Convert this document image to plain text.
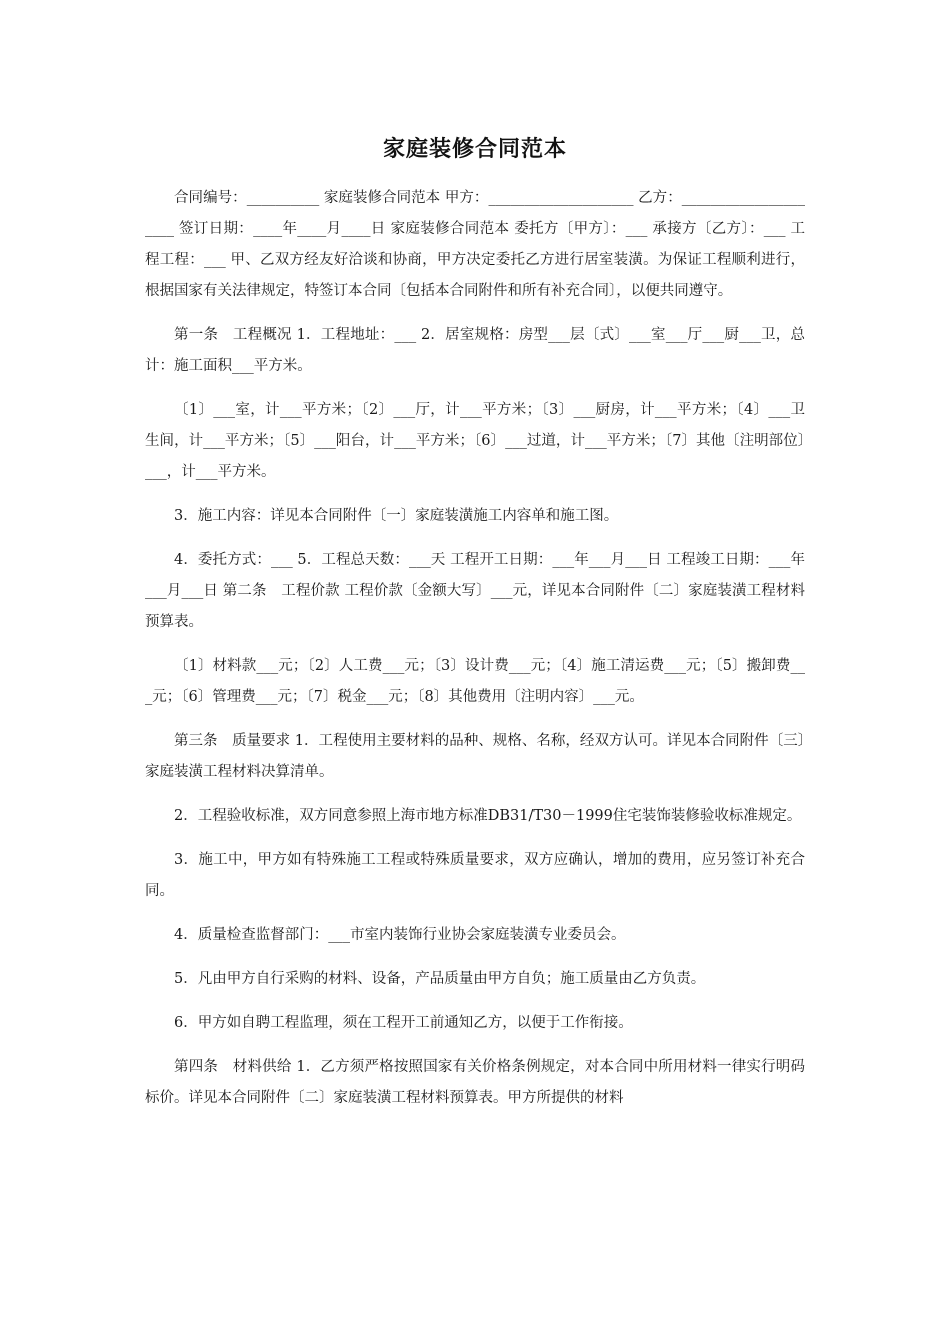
家庭装修合同范本

合同编号：__________ 家庭装修合同范本 甲方：____________________ 乙方：_____________________ 签订日期：____年____月____日 家庭装修合同范本 委托方〔甲方〕：___ 承接方〔乙方〕：___ 工程工程：___ 甲、乙双方经友好洽谈和协商，甲方决定委托乙方进行居室装潢。为保证工程顺利进行，根据国家有关法律规定，特签订本合同〔包括本合同附件和所有补充合同〕，以便共同遵守。

第一条　工程概况 1．工程地址：___ 2．居室规格：房型___层〔式〕___室___厅___厨___卫，总计：施工面积___平方米。

〔1〕___室，计___平方米；〔2〕___厅，计___平方米；〔3〕___厨房，计___平方米；〔4〕___卫生间，计___平方米；〔5〕___阳台，计___平方米；〔6〕___过道，计___平方米；〔7〕其他〔注明部位〕___，计___平方米。

3．施工内容：详见本合同附件〔一〕家庭装潢施工内容单和施工图。

4．委托方式：___ 5．工程总天数：___天 工程开工日期：___年___月___日 工程竣工日期：___年___月___日 第二条　工程价款 工程价款〔金额大写〕___元，详见本合同附件〔二〕家庭装潢工程材料预算表。

〔1〕材料款___元；〔2〕人工费___元；〔3〕设计费___元；〔4〕施工清运费___元；〔5〕搬卸费___元；〔6〕管理费___元；〔7〕税金___元；〔8〕其他费用〔注明内容〕___元。

第三条　质量要求 1．工程使用主要材料的品种、规格、名称，经双方认可。详见本合同附件〔三〕家庭装潢工程材料决算清单。

2．工程验收标准，双方同意参照上海市地方标准DB31/T30－1999住宅装饰装修验收标准规定。

3．施工中，甲方如有特殊施工工程或特殊质量要求，双方应确认，增加的费用，应另签订补充合同。

4．质量检查监督部门：___市室内装饰行业协会家庭装潢专业委员会。

5．凡由甲方自行采购的材料、设备，产品质量由甲方自负；施工质量由乙方负责。

6．甲方如自聘工程监理，须在工程开工前通知乙方，以便于工作衔接。

第四条　材料供给 1．乙方须严格按照国家有关价格条例规定，对本合同中所用材料一律实行明码标价。详见本合同附件〔二〕家庭装潢工程材料预算表。甲方所提供的材料
